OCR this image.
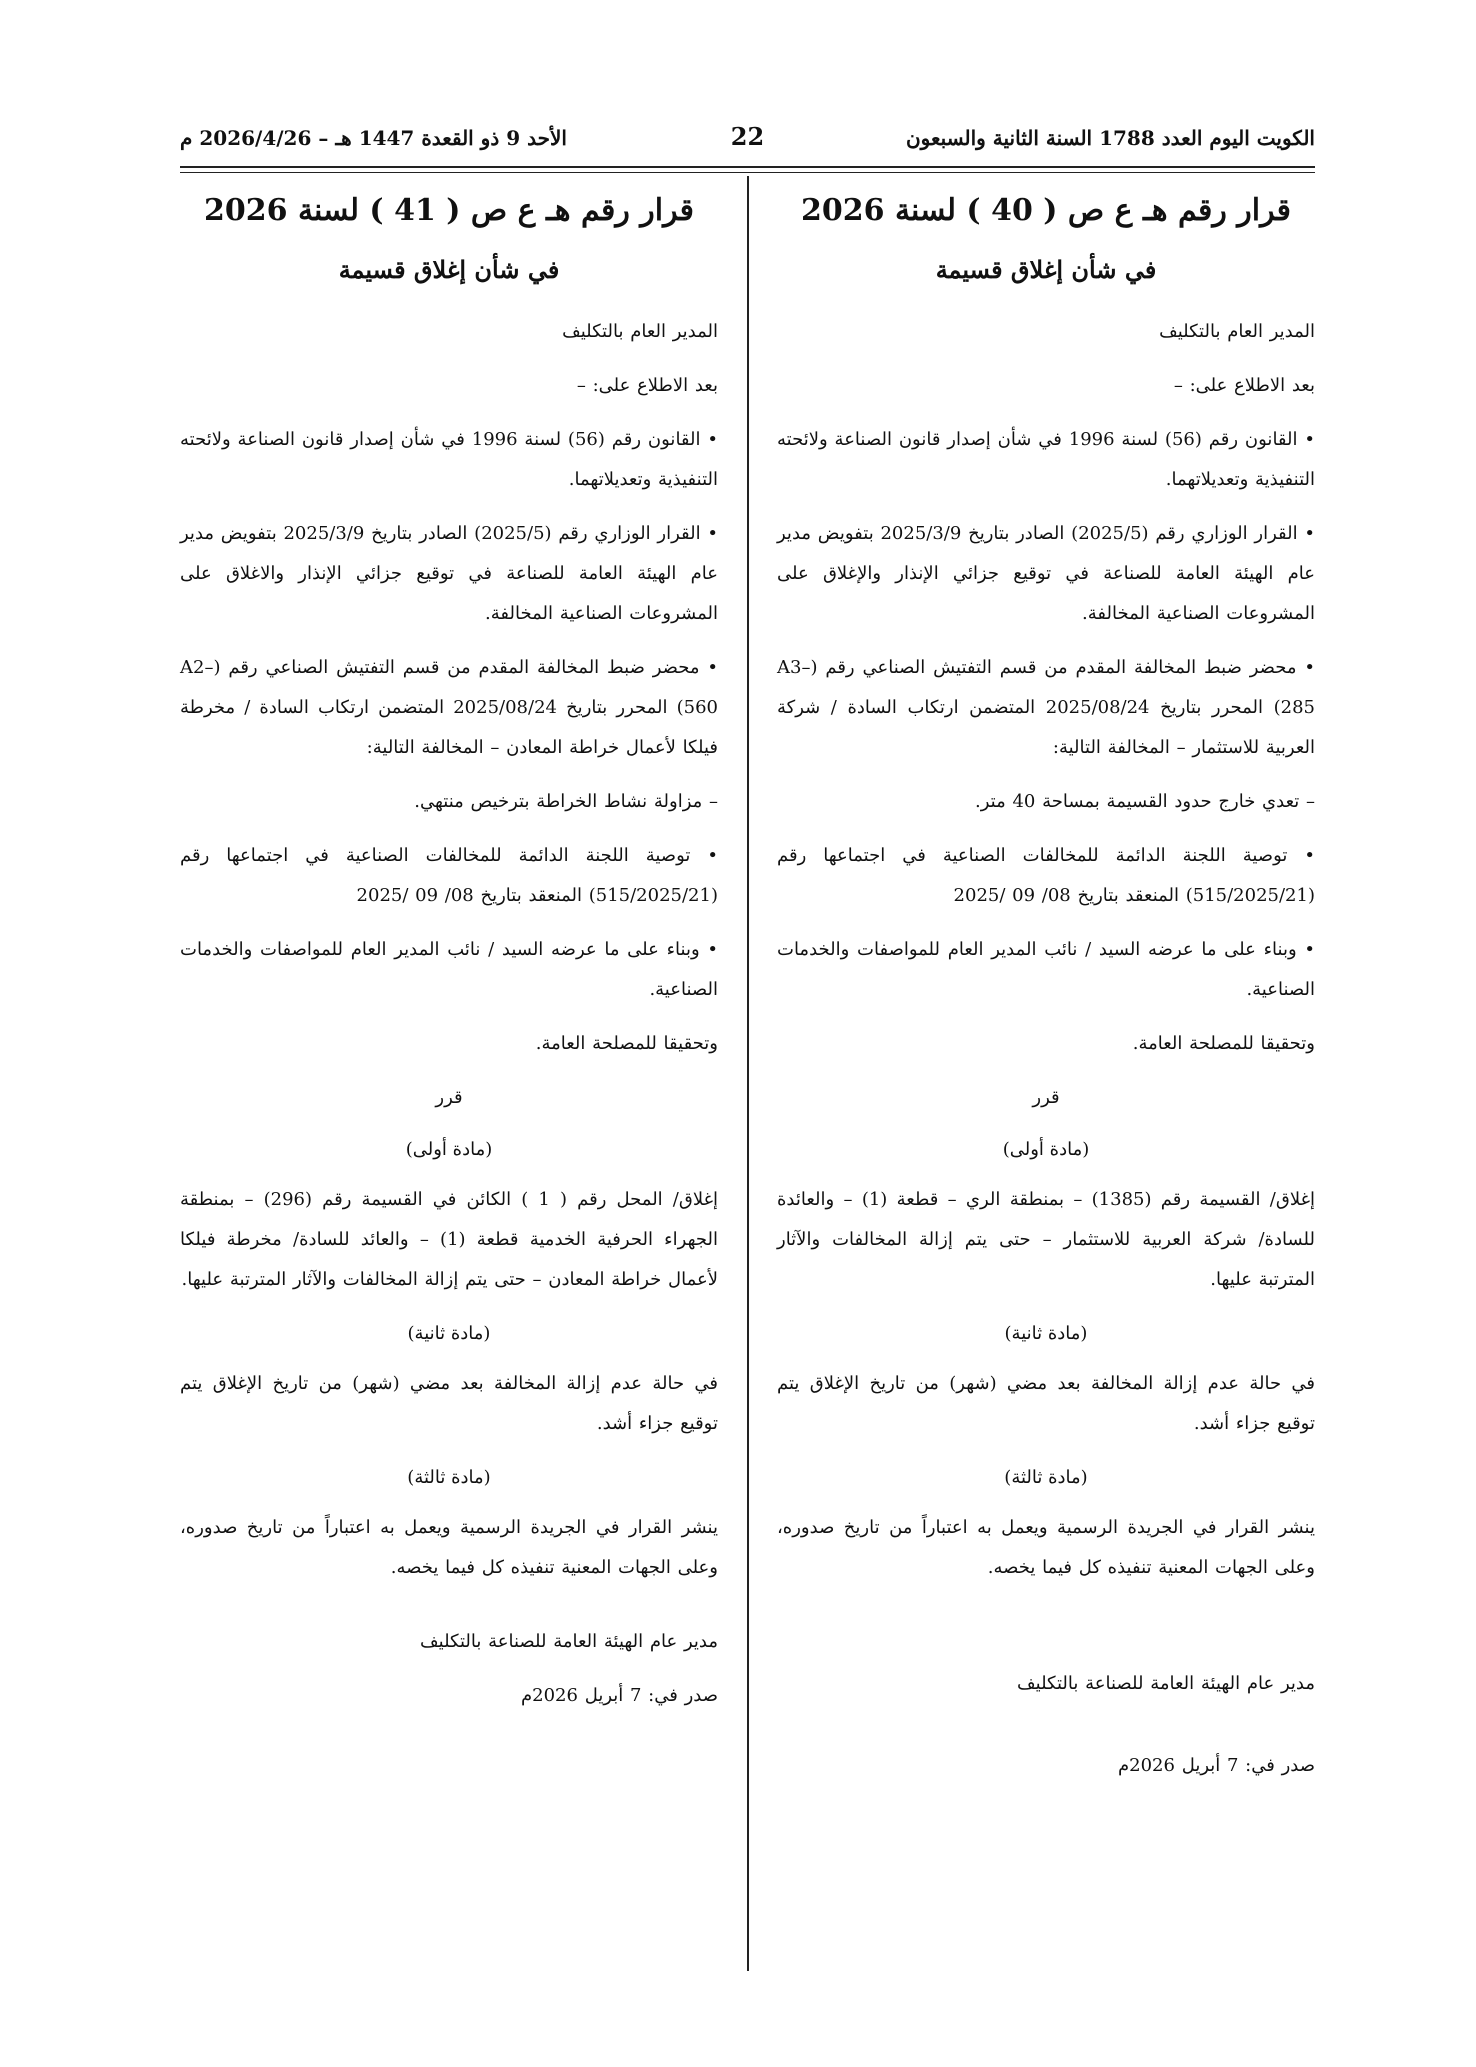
الكويت اليوم العدد 1788 السنة الثانية والسبعون
22
الأحد 9 ذو القعدة 1447 هـ – 2026/4/26 م
قرار رقم هـ ع ص ( 40 ) لسنة 2026
في شأن إغلاق قسيمة

المدير العام بالتكليف

بعد الاطلاع على: –

• القانون رقم (56) لسنة 1996 في شأن إصدار قانون الصناعة ولائحته التنفيذية وتعديلاتهما.

• القرار الوزاري رقم (2025/5) الصادر بتاريخ 2025/3/9 بتفويض مدير عام الهيئة العامة للصناعة في توقيع جزائي الإنذار والإغلاق على المشروعات الصناعية المخالفة.

• محضر ضبط المخالفة المقدم من قسم التفتيش الصناعي رقم (A3–285) المحرر بتاريخ 2025/08/24 المتضمن ارتكاب السادة / شركة العربية للاستثمار – المخالفة التالية:

– تعدي خارج حدود القسيمة بمساحة 40 متر.

• توصية اللجنة الدائمة للمخالفات الصناعية في اجتماعها رقم (515/2025/21) المنعقد بتاريخ 08/ 09 /2025

• وبناء على ما عرضه السيد / نائب المدير العام للمواصفات والخدمات الصناعية.

وتحقيقا للمصلحة العامة.

قرر
(مادة أولى)

إغلاق/ القسيمة رقم (1385) – بمنطقة الري – قطعة (1) – والعائدة للسادة/ شركة العربية للاستثمار – حتى يتم إزالة المخالفات والآثار المترتبة عليها.

(مادة ثانية)

في حالة عدم إزالة المخالفة بعد مضي (شهر) من تاريخ الإغلاق يتم توقيع جزاء أشد.

(مادة ثالثة)

ينشر القرار في الجريدة الرسمية ويعمل به اعتباراً من تاريخ صدوره، وعلى الجهات المعنية تنفيذه كل فيما يخصه.

مدير عام الهيئة العامة للصناعة بالتكليف

صدر في: 7 أبريل 2026م

قرار رقم هـ ع ص ( 41 ) لسنة 2026
في شأن إغلاق قسيمة

المدير العام بالتكليف

بعد الاطلاع على: –

• القانون رقم (56) لسنة 1996 في شأن إصدار قانون الصناعة ولائحته التنفيذية وتعديلاتهما.

• القرار الوزاري رقم (2025/5) الصادر بتاريخ 2025/3/9 بتفويض مدير عام الهيئة العامة للصناعة في توقيع جزائي الإنذار والاغلاق على المشروعات الصناعية المخالفة.

• محضر ضبط المخالفة المقدم من قسم التفتيش الصناعي رقم (A2–560) المحرر بتاريخ 2025/08/24 المتضمن ارتكاب السادة / مخرطة فيلكا لأعمال خراطة المعادن – المخالفة التالية:

– مزاولة نشاط الخراطة بترخيص منتهي.

• توصية اللجنة الدائمة للمخالفات الصناعية في اجتماعها رقم (515/2025/21) المنعقد بتاريخ 08/ 09 /2025

• وبناء على ما عرضه السيد / نائب المدير العام للمواصفات والخدمات الصناعية.

وتحقيقا للمصلحة العامة.

قرر
(مادة أولى)

إغلاق/ المحل رقم ( 1 ) الكائن في القسيمة رقم (296) – بمنطقة الجهراء الحرفية الخدمية قطعة (1) – والعائد للسادة/ مخرطة فيلكا لأعمال خراطة المعادن – حتى يتم إزالة المخالفات والآثار المترتبة عليها.

(مادة ثانية)

في حالة عدم إزالة المخالفة بعد مضي (شهر) من تاريخ الإغلاق يتم توقيع جزاء أشد.

(مادة ثالثة)

ينشر القرار في الجريدة الرسمية ويعمل به اعتباراً من تاريخ صدوره، وعلى الجهات المعنية تنفيذه كل فيما يخصه.

مدير عام الهيئة العامة للصناعة بالتكليف

صدر في: 7 أبريل 2026م
